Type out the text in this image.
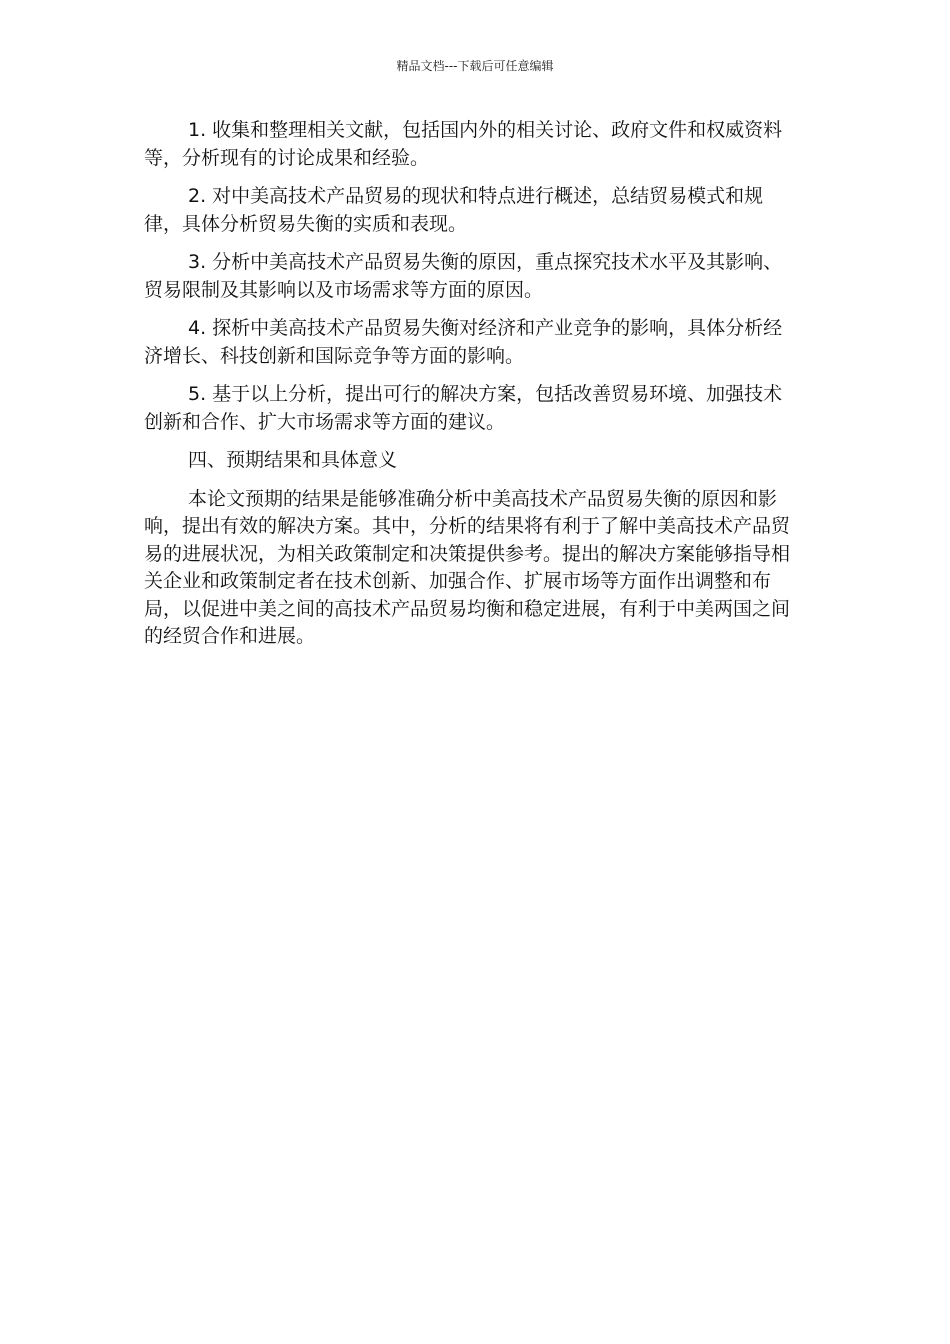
精品文档---下载后可任意编辑

1. 收集和整理相关文献，包括国内外的相关讨论、政府文件和权威资料等，分析现有的讨论成果和经验。

2. 对中美高技术产品贸易的现状和特点进行概述，总结贸易模式和规律，具体分析贸易失衡的实质和表现。

3. 分析中美高技术产品贸易失衡的原因，重点探究技术水平及其影响、贸易限制及其影响以及市场需求等方面的原因。

4. 探析中美高技术产品贸易失衡对经济和产业竞争的影响，具体分析经济增长、科技创新和国际竞争等方面的影响。

5. 基于以上分析，提出可行的解决方案，包括改善贸易环境、加强技术创新和合作、扩大市场需求等方面的建议。

四、预期结果和具体意义

本论文预期的结果是能够准确分析中美高技术产品贸易失衡的原因和影响，提出有效的解决方案。其中，分析的结果将有利于了解中美高技术产品贸易的进展状况，为相关政策制定和决策提供参考。提出的解决方案能够指导相关企业和政策制定者在技术创新、加强合作、扩展市场等方面作出调整和布局，以促进中美之间的高技术产品贸易均衡和稳定进展，有利于中美两国之间的经贸合作和进展。
